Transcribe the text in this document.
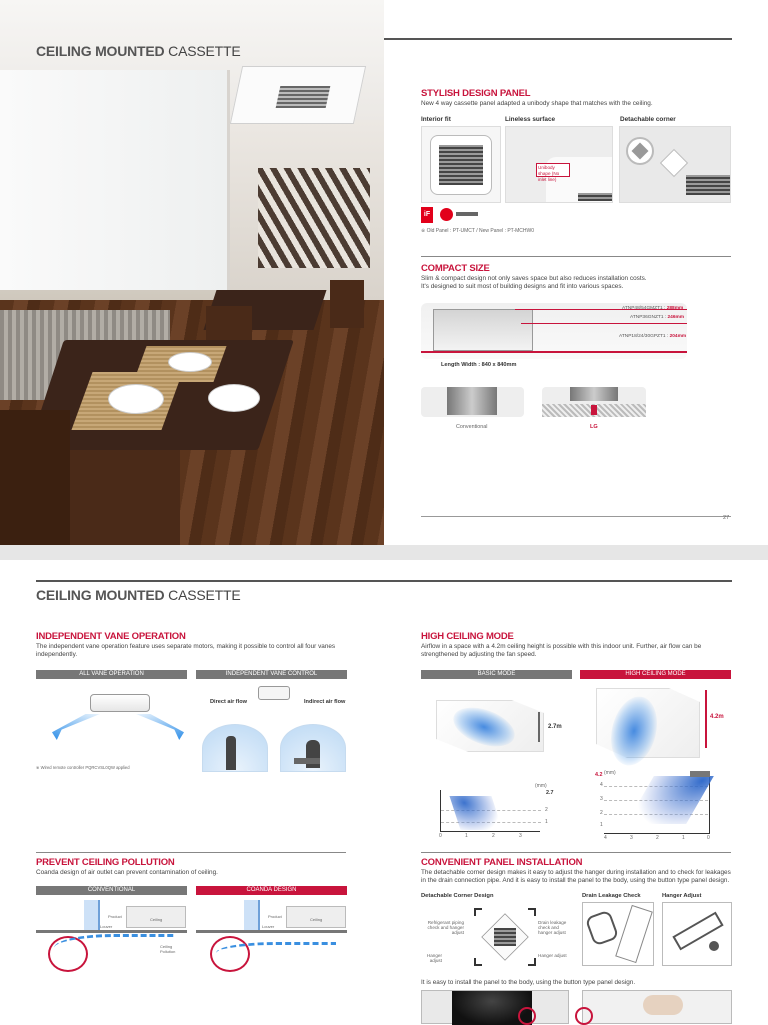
CEILING MOUNTED CASSETTE
STYLISH DESIGN PANEL
New 4 way cassette panel adapted a unibody shape that matches with the ceiling.
Interior fit	Lineless surface	Detachable corner
Unibody shape (No inlet line)
iF
※ Old Panel : PT-UMCT / New Panel : PT-MCHW0
COMPACT SIZE
Slim & compact design not only saves space but also reduces installation costs.
It's designed to suit most of building designs and fit into various spaces.
ATNP48/54GMZT1 : 288mm
ATNP36GNZT1 : 246mm
ATNP18/24/30GPZT1 : 204mm
Length Width : 840 x 840mm
Conventional	LG
27
CEILING MOUNTED CASSETTE
INDEPENDENT VANE OPERATION
The independent vane operation feature uses separate motors, making it possible to control all four vanes independently.
ALL VANE OPERATION	INDEPENDENT VANE CONTROL
Direct air flow	Indirect air flow
※ Wired remote controller PQRCVSL0QW applied
HIGH CEILING MODE
Airflow in a space with a 4.2m ceiling height is possible with this indoor unit. Further, air flow can be strengthened by adjusting the fan speed.
BASIC MODE	HIGH CEILING MODE
2.7m
4.2m
(mm)
2.7
2
1
0	1	2	3
(mm)
4.2
4
3
2
1
4	3	2	1	0
PREVENT CEILING POLLUTION
Coanda design of air outlet can prevent contamination of ceiling.
CONVENTIONAL	COANDA DESIGN
Product
Louver
Ceiling
Ceiling Pollution
Product
Louver
Ceiling
CONVENIENT PANEL INSTALLATION
The detachable corner design makes it easy to adjust the hanger during installation and to check for leakages in the drain connection pipe. And it is easy to install the panel to the body, using the button type panel design.
Detachable Corner Design	Drain Leakage Check	Hanger Adjust
Refrigerant piping check and hanger adjust
Hanger adjust
Drain leakage check and hanger adjust
Hanger adjust
It is easy to install the panel to the body, using the button type panel design.
